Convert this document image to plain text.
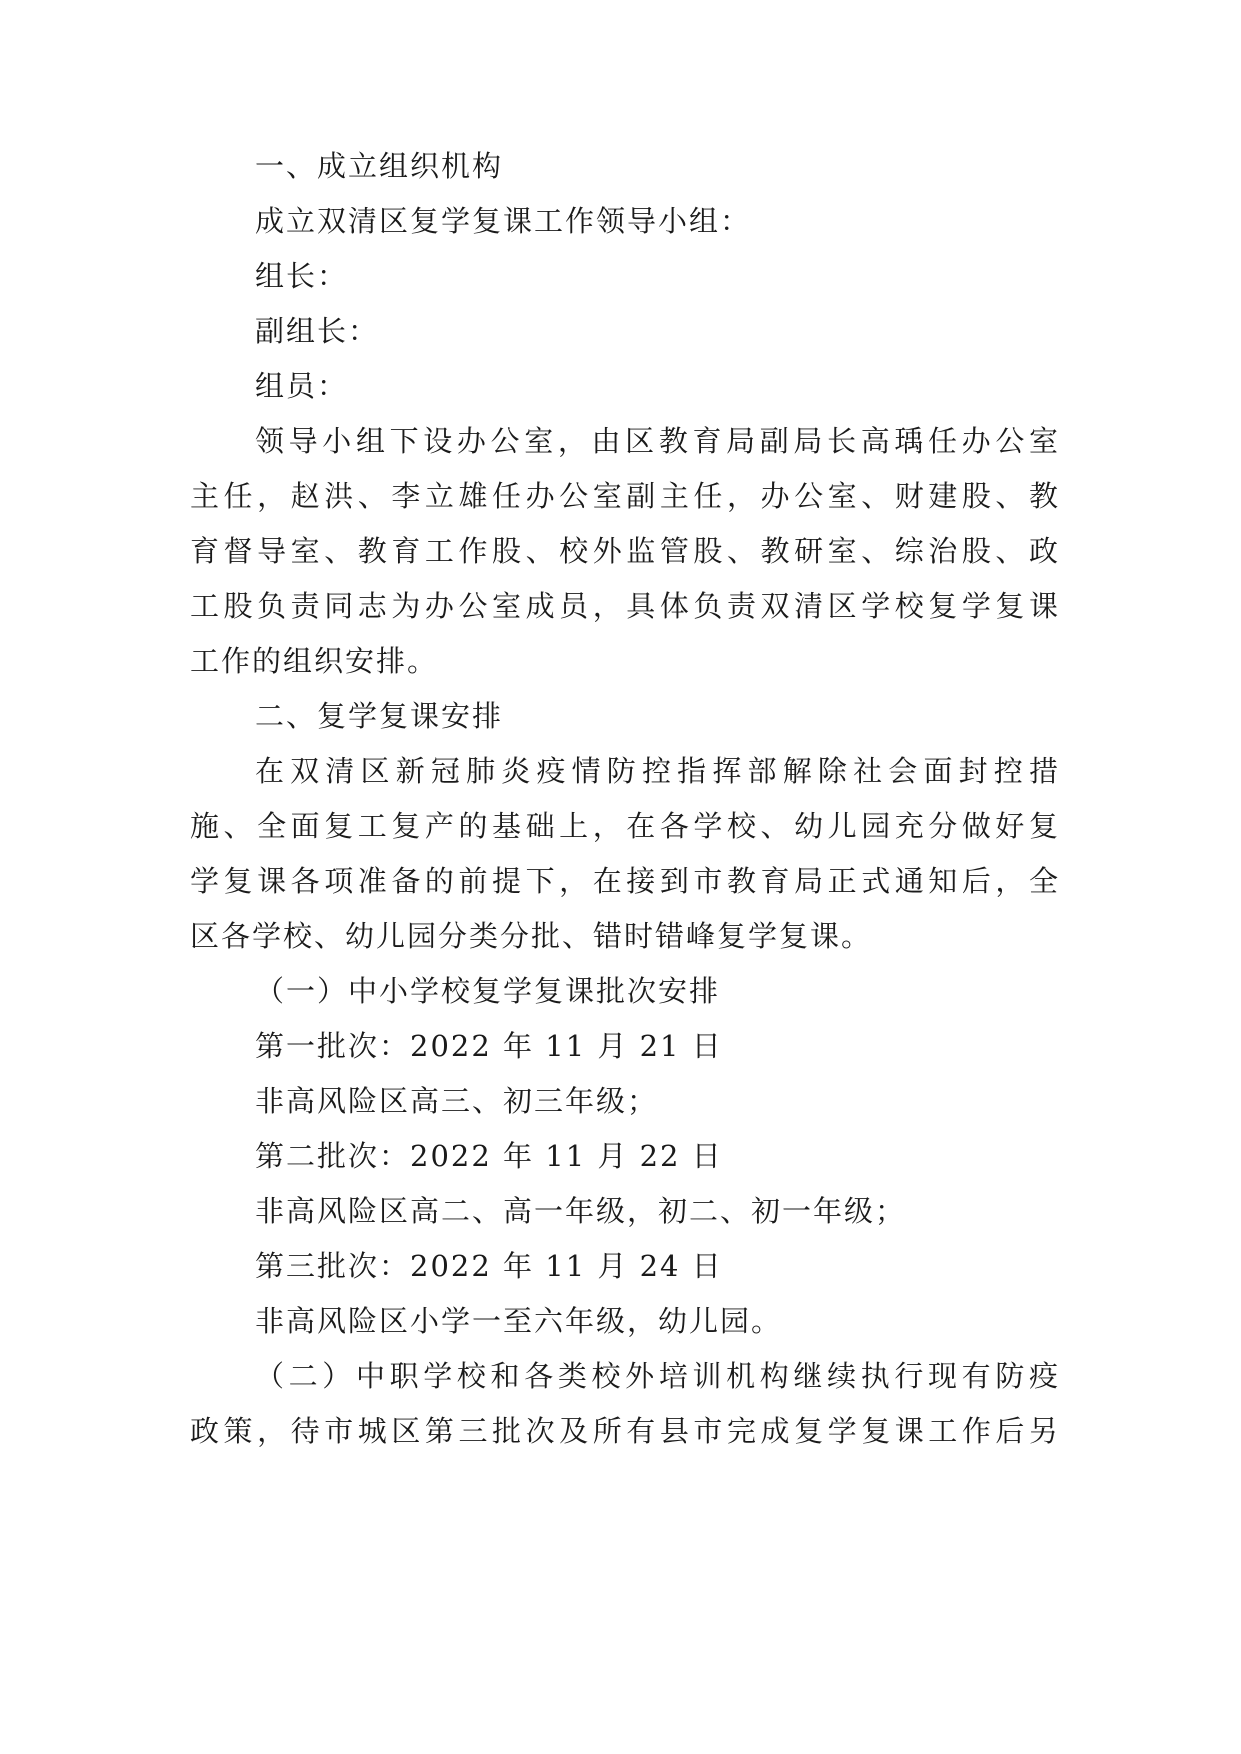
一、成立组织机构
成立双清区复学复课工作领导小组：
组长：
副组长：
组员：
领导小组下设办公室，由区教育局副局长高瑀任办公室
主任，赵洪、李立雄任办公室副主任，办公室、财建股、教
育督导室、教育工作股、校外监管股、教研室、综治股、政
工股负责同志为办公室成员，具体负责双清区学校复学复课
工作的组织安排。
二、复学复课安排
在双清区新冠肺炎疫情防控指挥部解除社会面封控措
施、全面复工复产的基础上，在各学校、幼儿园充分做好复
学复课各项准备的前提下，在接到市教育局正式通知后，全
区各学校、幼儿园分类分批、错时错峰复学复课。
（一）中小学校复学复课批次安排
第一批次：2022 年 11 月 21 日
非高风险区高三、初三年级；
第二批次：2022 年 11 月 22 日
非高风险区高二、高一年级，初二、初一年级；
第三批次：2022 年 11 月 24 日
非高风险区小学一至六年级，幼儿园。
（二）中职学校和各类校外培训机构继续执行现有防疫
政策，待市城区第三批次及所有县市完成复学复课工作后另
